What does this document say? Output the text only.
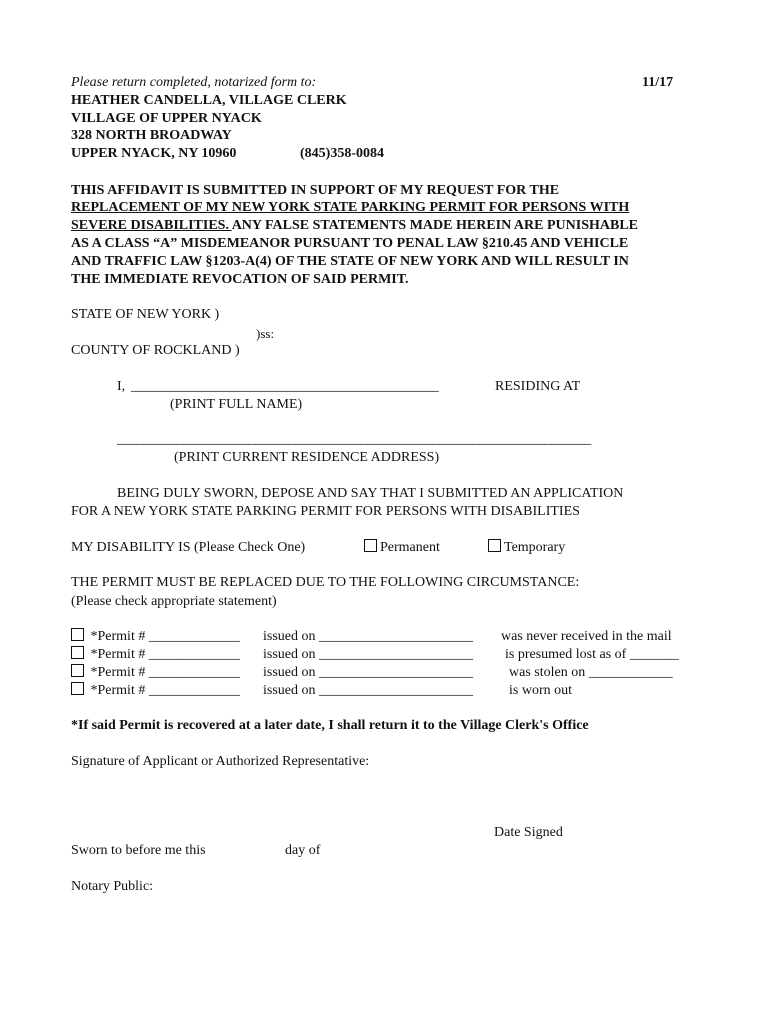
Please return completed, notarized form to:	11/17
HEATHER CANDELLA, VILLAGE CLERK
VILLAGE OF UPPER NYACK
328 NORTH BROADWAY
UPPER NYACK, NY 10960	(845)358-0084
THIS AFFIDAVIT IS SUBMITTED IN SUPPORT OF MY REQUEST FOR THE
REPLACEMENT OF MY NEW YORK STATE PARKING PERMIT FOR PERSONS WITH
SEVERE DISABILITIES. ANY FALSE STATEMENTS MADE HEREIN ARE PUNISHABLE
AS A CLASS “A” MISDEMEANOR PURSUANT TO PENAL LAW §210.45 AND VEHICLE
AND TRAFFIC LAW §1203-A(4) OF THE STATE OF NEW YORK AND WILL RESULT IN
THE IMMEDIATE REVOCATION OF SAID PERMIT.
STATE OF NEW YORK )
)ss:
COUNTY OF ROCKLAND )
I, ________________________________________________	RESIDING AT
(PRINT FULL NAME)
________________________________________________________________________
(PRINT CURRENT RESIDENCE ADDRESS)
BEING DULY SWORN, DEPOSE AND SAY THAT I SUBMITTED AN APPLICATION
FOR A NEW YORK STATE PARKING PERMIT FOR PERSONS WITH DISABILITIES
MY DISABILITY IS (Please Check One)	Permanent	Temporary
THE PERMIT MUST BE REPLACED DUE TO THE FOLLOWING CIRCUMSTANCE:
(Please check appropriate statement)
*Permit # _____________ issued on ______________________ was never received in the mail
*Permit # _____________ issued on ______________________ is presumed lost as of _______
*Permit # _____________ issued on ______________________	was stolen on ____________
*Permit # _____________ issued on ______________________	is worn out
*If said Permit is recovered at a later date, I shall return it to the Village Clerk's Office
Signature of Applicant or Authorized Representative:
Date Signed
Sworn to before me this	day of
Notary Public:
